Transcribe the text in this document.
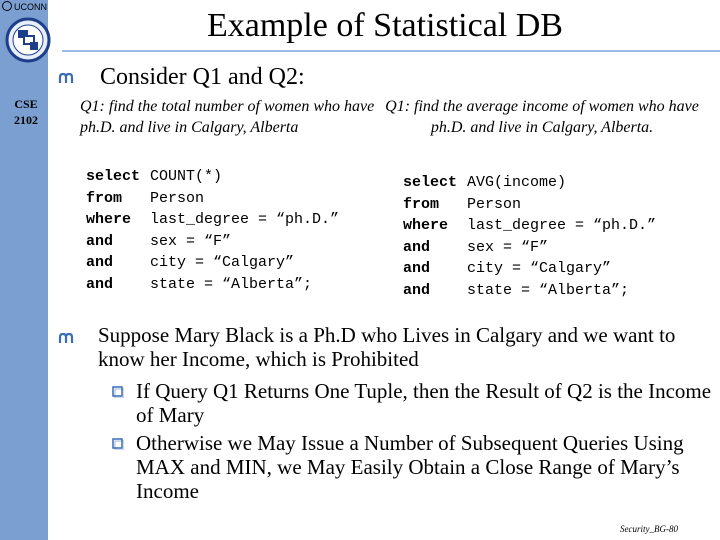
UCONN
CSE
2102
Example of Statistical DB
Consider Q1 and Q2:
Q1: find the total number of women who have ph.D. and live in Calgary, Alberta
Q1: find the average income of women who have ph.D. and live in Calgary, Alberta.
select COUNT(*)
from Person
where last_degree = “ph.D.”
and sex = “F”
and city = “Calgary”
and state = “Alberta”;
select AVG(income)
from Person
where last_degree = “ph.D.”
and sex = “F”
and city = “Calgary”
and state = “Alberta”;
Suppose Mary Black is a Ph.D who Lives in Calgary and we want to know her Income, which is Prohibited
If Query Q1 Returns One Tuple, then the Result of Q2 is the Income of Mary
Otherwise we May Issue a Number of Subsequent Queries Using MAX and MIN, we May Easily Obtain a Close Range of Mary’s Income
Security_BG-80
